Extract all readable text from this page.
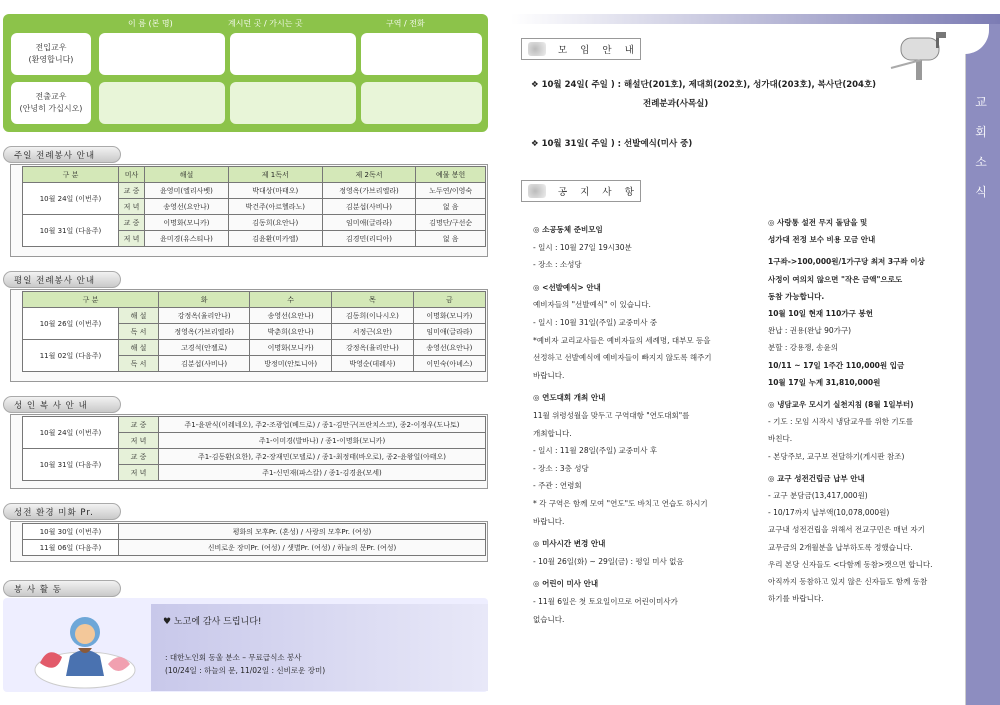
이 름 (본 명)	계시던 곳 / 가시는 곳	구역 / 전화
전입교우
(환영합니다)
전출교우
(안녕히 가십시오)
주일 전례봉사 안내
구 분	미사	해설	제 1독서	제 2독서	예물 봉헌
10월 24일 (이번주)	교 중	윤영미(엘리사벳)	박대상(마태오)	정영옥(가브리엘라)	노두연/이영숙
	저 녁	송영선(요안나)	박건주(아르헬라노)	김분섭(사비나)	없 음
10월 31일 (다음주)	교 중	이명화(모니카)	김동희(요안나)	임미애(글라라)	김명단/구선순
	저 녁	윤미경(유스티나)	김윤환(미카엘)	김경민(리디아)	없 음
평일 전례봉사 안내
구 분		화	수	목	금
10월 26일 (이번주)	해 설	강정옥(율리안나)	송영선(요안나)	김동희(이나시오)	이명화(모니카)
	독 서	정영옥(가브리엘라)	박춘희(요안나)	서정근(요안)	임미애(글라라)
11월 02일 (다음주)	해 설	고경석(안젤로)	이명화(모니카)	강정옥(율리안나)	송영선(요안나)
	독 서	김분섭(사비나)	방정미(안토니아)	박영순(데레사)	이민숙(아녜스)
성 인 복 사 안 내
10월 24일 (이번주)	교 중	주1-윤판식(이레네오), 주2-조광업(베드로) / 종1-김만구(프란치스코), 종2-이정우(도나토)
	저 녁	주1-이미경(발바나) / 종1-이명화(모니카)
10월 31일 (다음주)	교 중	주1-김동환(요한), 주2-장재민(모델로) / 종1-최정태(바오로), 종2-윤왕일(아태오)
	저 녁	주1-신민재(파스칼) / 종1-김경윤(모세)
성전 환경 미화 Pr.
10월 30일 (이번주)	평화의 모후Pr. (혼성) / 사랑의 모후Pr. (여성)
11월 06일 (다음주)	신비로운 장미Pr. (여성) / 샛별Pr. (여성) / 하늘의 문Pr. (여성)
봉 사 활 동
♥ 노고에 감사 드립니다!
: 대한노인회 동울 분소 – 무료급식소 봉사
(10/24일 : 하늘의 문, 11/02일 : 신비로운 장미)
교
회
소
식
모 임 안 내
❖ 10월 24일( 주일 ) : 해설단(201호), 제대회(202호), 성가대(203호), 복사단(204호)
전례분과(사목실)
❖ 10월 31일( 주일 ) : 선발예식(미사 중)
공 지 사 항
◎ 소공동체 준비모임
- 일시 : 10월 27일 19시30분
- 장소 : 소성당
◎ <선발예식> 안내
예비자들의 "선발예식" 이 있습니다.
- 일시 : 10월 31일(주일) 교중미사 중
*예비자 교리교사들은 예비자들의 세례명, 대부모 등을
선정하고 선발예식에 예비자들이 빠지지 않도록 해주기
바랍니다.
◎ 연도대회 개최 안내
11월 위령성월을 맞두고 구역대항 "연도대회"를
개최합니다.
- 일시 : 11월 28일(주일) 교중미사 후
- 장소 : 3층 성당
- 주관 : 연령회
* 각 구역은 함께 모여 "연도"도 바치고 연습도 하시기
바랍니다.
◎ 미사시간 변경 안내
- 10월 26일(화) ~ 29일(금) : 평일 미사 없음
◎ 어린이 미사 안내
- 11월 6일은 첫 토요일이므로 어린이미사가
없습니다.
◎ 사랑통 설전 무지 돌담을 및
성가대 전정 보수 비용 모금 안내
1구좌->100,000원/1가구당 최저 3구좌 이상
사정이 여의치 않으면 "작은 금액"으로도
동참 가능합니다.
10월 10일 현재 110가구 봉헌
완납 : 권용(완납 90가구)
분할 : 강용쟁, 송윤의
10/11 ~ 17일 1주간 110,000원 입금
10월 17일 누계 31,810,000원
◎ 냉담교우 모시기 실천지침 (8월 1일부터)
- 기도 : 모임 시작시 냉담교우를 위한 기도를
바친다.
- 본당주보, 교구보 전달하기(게시판 참조)
◎ 교구 성전건립금 납부 안내
- 교구 분담금(13,417,000원)
- 10/17까지 납부액(10,078,000원)
교구내 성전건립을 위해서 전교구민은 매년 자기
교무금의 2개월분을 납부하도록 정했습니다.
우리 본당 신자들도 <다함께 동참>캣으면 합니다.
아직까지 동참하고 있지 않은 신자들도 함께 동참
하기를 바랍니다.
